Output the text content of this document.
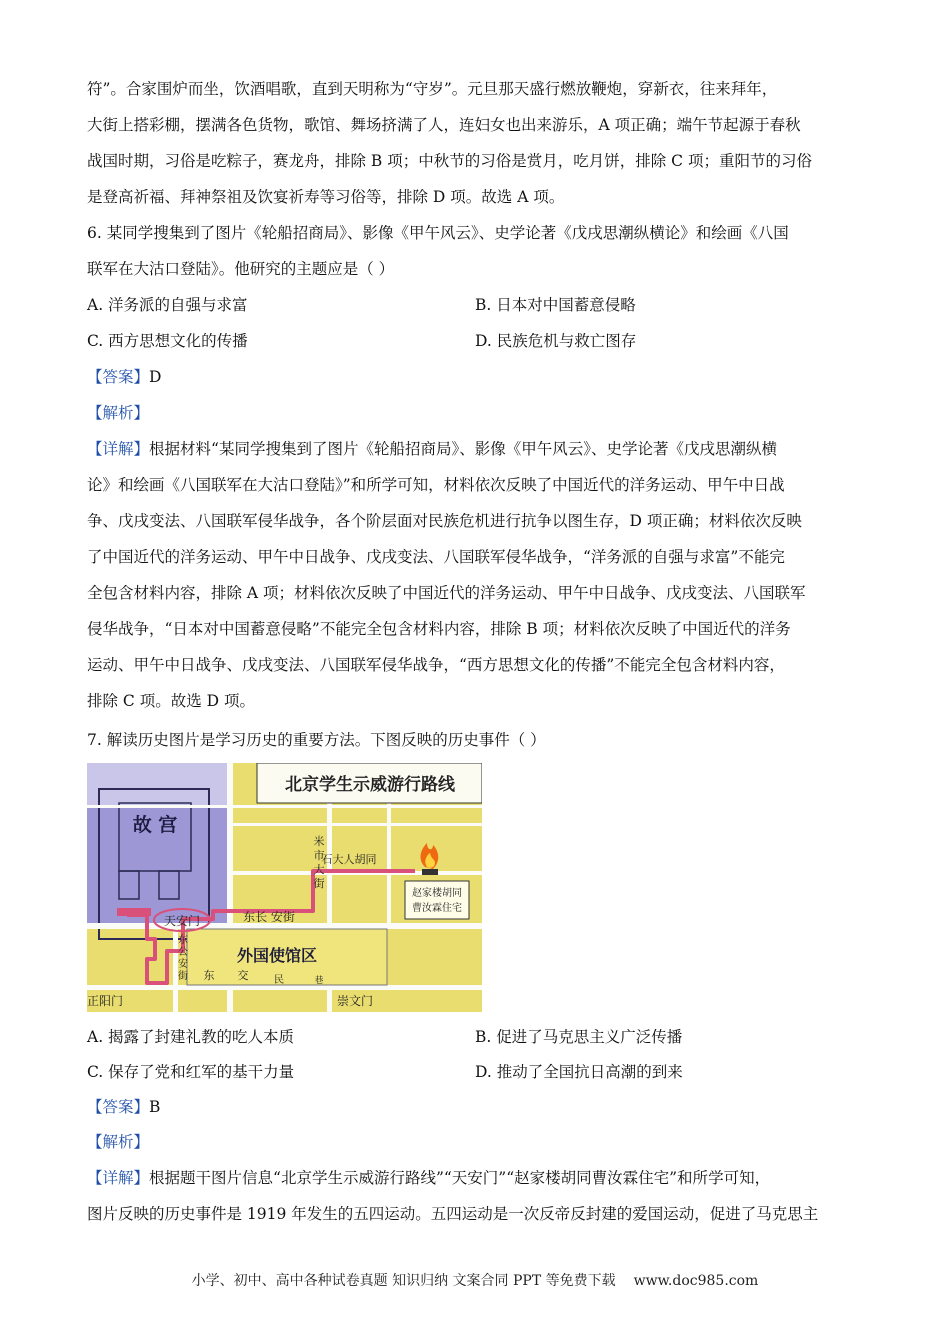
符”。合家围炉而坐，饮酒唱歌，直到天明称为“守岁”。元旦那天盛行燃放鞭炮，穿新衣，往来拜年，
大街上搭彩棚，摆满各色货物，歌馆、舞场挤满了人，连妇女也出来游乐，A 项正确；端午节起源于春秋
战国时期，习俗是吃粽子，赛龙舟，排除 B 项；中秋节的习俗是赏月，吃月饼，排除 C 项；重阳节的习俗
是登高祈福、拜神祭祖及饮宴祈寿等习俗等，排除 D 项。故选 A 项。
6. 某同学搜集到了图片《轮船招商局》、影像《甲午风云》、史学论著《戊戌思潮纵横论》和绘画《八国
联军在大沽口登陆》。他研究的主题应是（ ）
A. 洋务派的自强与求富	B. 日本对中国蓄意侵略
C. 西方思想文化的传播	D. 民族危机与救亡图存
【答案】D
【解析】
【详解】根据材料“某同学搜集到了图片《轮船招商局》、影像《甲午风云》、史学论著《戊戌思潮纵横
论》和绘画《八国联军在大沽口登陆》”和所学可知，材料依次反映了中国近代的洋务运动、甲午中日战
争、戊戌变法、八国联军侵华战争，各个阶层面对民族危机进行抗争以图生存，D 项正确；材料依次反映
了中国近代的洋务运动、甲午中日战争、戊戌变法、八国联军侵华战争，“洋务派的自强与求富”不能完
全包含材料内容，排除 A 项；材料依次反映了中国近代的洋务运动、甲午中日战争、戊戌变法、八国联军
侵华战争，“日本对中国蓄意侵略”不能完全包含材料内容，排除 B 项；材料依次反映了中国近代的洋务
运动、甲午中日战争、戊戌变法、八国联军侵华战争，“西方思想文化的传播”不能完全包含材料内容，
排除 C 项。故选 D 项。
7. 解读历史图片是学习历史的重要方法。下图反映的历史事件（ ）
故 宫
北京学生示威游行路线
外国使馆区
天安门
赵家楼胡同
曹汝霖住宅
石大人胡同
米
市
大
街
东长 安街
东
公
安
街 东 交	民	巷
正阳门	崇文门
A. 揭露了封建礼教的吃人本质	B. 促进了马克思主义广泛传播
C. 保存了党和红军的基干力量	D. 推动了全国抗日高潮的到来
【答案】B
【解析】
【详解】根据题干图片信息“北京学生示威游行路线”“天安门”“赵家楼胡同曹汝霖住宅”和所学可知，
图片反映的历史事件是 1919 年发生的五四运动。五四运动是一次反帝反封建的爱国运动，促进了马克思主
小学、初中、高中各种试卷真题 知识归纳 文案合同 PPT 等免费下载 www.doc985.com
